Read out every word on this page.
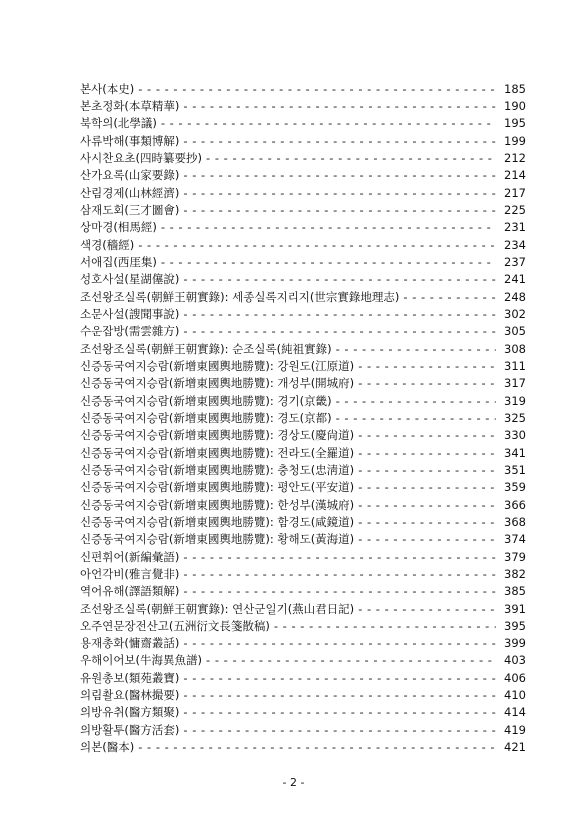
본사(本史) - - -	185
본초정화(本草精華) - - -	190
북학의(北學議) - - -	195
사류박해(事類博解) - - -	199
사시찬요초(四時纂要抄) - - -	212
산가요록(山家要錄) - - -	214
산림경제(山林經濟) - - -	217
삼재도회(三才圖會) - - -	225
상마경(相馬經) - - -	231
색경(穡經) - - -	234
서애집(西厓集) - - -	237
성호사설(星湖僿說) - - -	241
조선왕조실록(朝鮮王朝實錄): 세종실록지리지(世宗實錄地理志) - - -	248
소문사설(謏聞事說) - - -	302
수운잡방(需雲雜方) - - -	305
조선왕조실록(朝鮮王朝實錄): 순조실록(純祖實錄) - - -	308
신증동국여지승람(新增東國輿地勝覽): 강원도(江原道) - - -	311
신증동국여지승람(新增東國輿地勝覽): 개성부(開城府) - - -	317
신증동국여지승람(新增東國輿地勝覽): 경기(京畿) - - -	319
신증동국여지승람(新增東國輿地勝覽): 경도(京都) - - -	325
신증동국여지승람(新增東國輿地勝覽): 경상도(慶尙道) - - -	330
신증동국여지승람(新增東國輿地勝覽): 전라도(全羅道) - - -	341
신증동국여지승람(新增東國輿地勝覽): 충청도(忠淸道) - - -	351
신증동국여지승람(新增東國輿地勝覽): 평안도(平安道) - - -	359
신증동국여지승람(新增東國輿地勝覽): 한성부(漢城府) - - -	366
신증동국여지승람(新增東國輿地勝覽): 함경도(咸鏡道) - - -	368
신증동국여지승람(新增東國輿地勝覽): 황해도(黃海道) - - -	374
신편휘어(新編彙語) - - -	379
아언각비(雅言覺非) - - -	382
역어유해(譯語類解) - - -	385
조선왕조실록(朝鮮王朝實錄): 연산군일기(燕山君日記) - - -	391
오주연문장전산고(五洲衍文長箋散稿) - - -	395
용재총화(慵齋叢話) - - -	399
우해이어보(牛海異魚譜) - - -	403
유원총보(類苑叢寶) - - -	406
의림촬요(醫林撮要) - - -	410
의방유취(醫方類聚) - - -	414
의방활투(醫方活套) - - -	419
의본(醫本) - - -	421
- 2 -
